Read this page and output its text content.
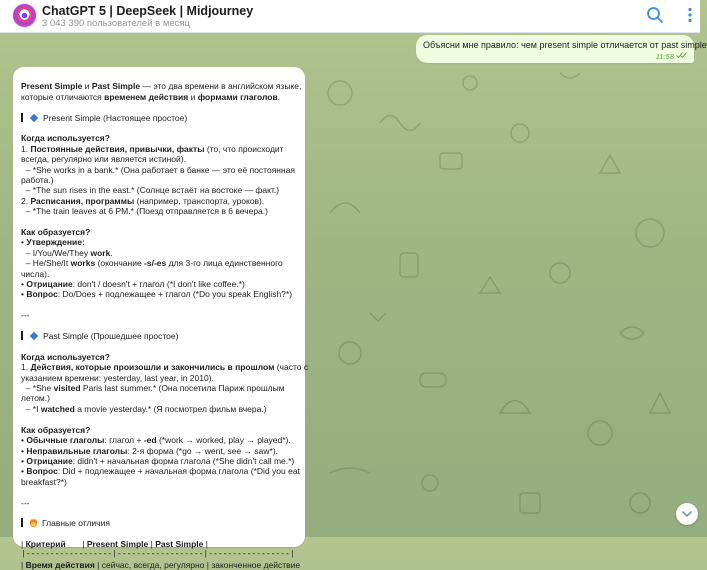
ChatGPT 5 | DeepSeek | Midjourney
3 043 390 пользователей в месяц
Объясни мне правило: чем present simple отличается от past simple
11:58
Present Simple и Past Simple — это два времени в английском языке,
которые отличаются временем действия и формами глаголов.
Present Simple (Настоящее простое)
Когда используется?
1. Постоянные действия, привычки, факты (то, что происходит
всегда, регулярно или является истиной).
– *She works in a bank.* (Она работает в банке — это её постоянная
работа.)
– *The sun rises in the east.* (Солнце встаёт на востоке — факт.)
2. Расписания, программы (например, транспорта, уроков).
– *The train leaves at 6 PM.* (Поезд отправляется в 6 вечера.)
Как образуется?
• Утверждение:
– I/You/We/They work.
– He/She/It works (окончание -s/-es для 3-го лица единственного
числа).
• Отрицание: don't / doesn't + глагол (*I don't like coffee.*)
• Вопрос: Do/Does + подлежащее + глагол (*Do you speak English?*)
---
Past Simple (Прошедшее простое)
Когда используется?
1. Действия, которые произошли и закончились в прошлом (часто с
указанием времени: yesterday, last year, in 2010).
– *She visited Paris last summer.* (Она посетила Париж прошлым
летом.)
– *I watched a movie yesterday.* (Я посмотрел фильм вчера.)
Как образуется?
• Обычные глаголы: глагол + -ed (*work → worked, play → played*).
• Неправильные глаголы: 2-я форма (*go → went, see → saw*).
• Отрицание: didn't + начальная форма глагола (*She didn't call me.*)
• Вопрос: Did + подлежащее + начальная форма глагола (*Did you eat
breakfast?*)
---
Главные отличия
| Критерий       | Present Simple | Past Simple |
|------------------|------------------|-----------------|
| Время действия | сейчас, всегда, регулярно | законченное действие
